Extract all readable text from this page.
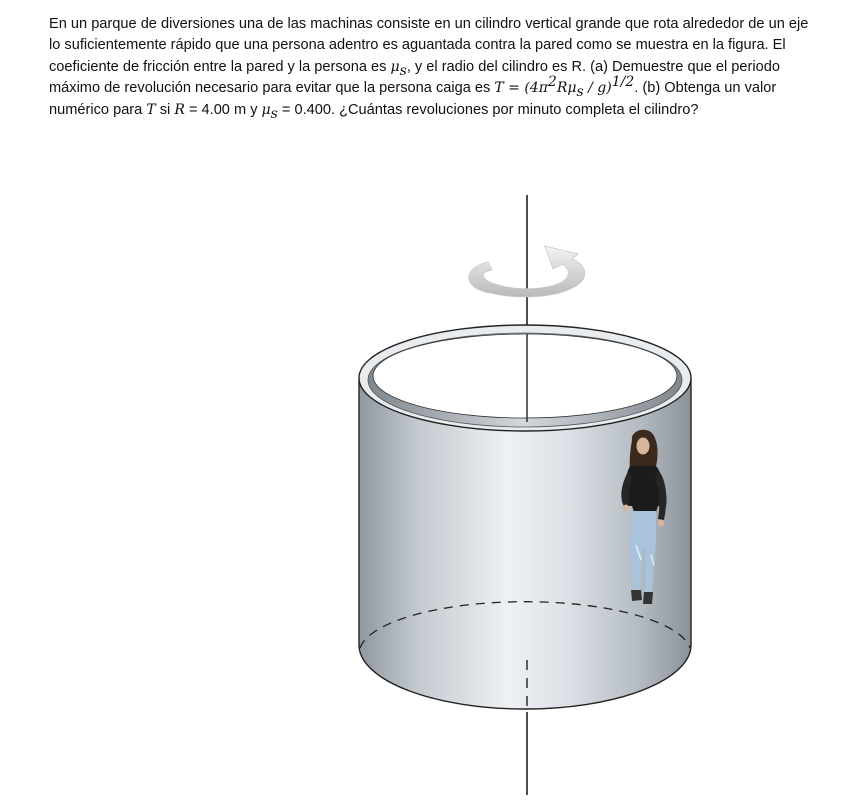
En un parque de diversiones una de las machinas consiste en un cilindro vertical grande que rota alrededor de un eje lo suficientemente rápido que una persona adentro es aguantada contra la pared como se muestra en la figura. El coeficiente de fricción entre la pared y la persona es $\mu_s$, y el radio del cilindro es R. (a) Demuestre que el periodo máximo de revolución necesario para evitar que la persona caiga es $T = (4\pi^2R\mu_s / g)^{1/2}$. (b) Obtenga un valor numérico para T si R = 4.00 m y $\mu_s = 0.400$. ¿Cuántas revoluciones por minuto completa el cilindro?
